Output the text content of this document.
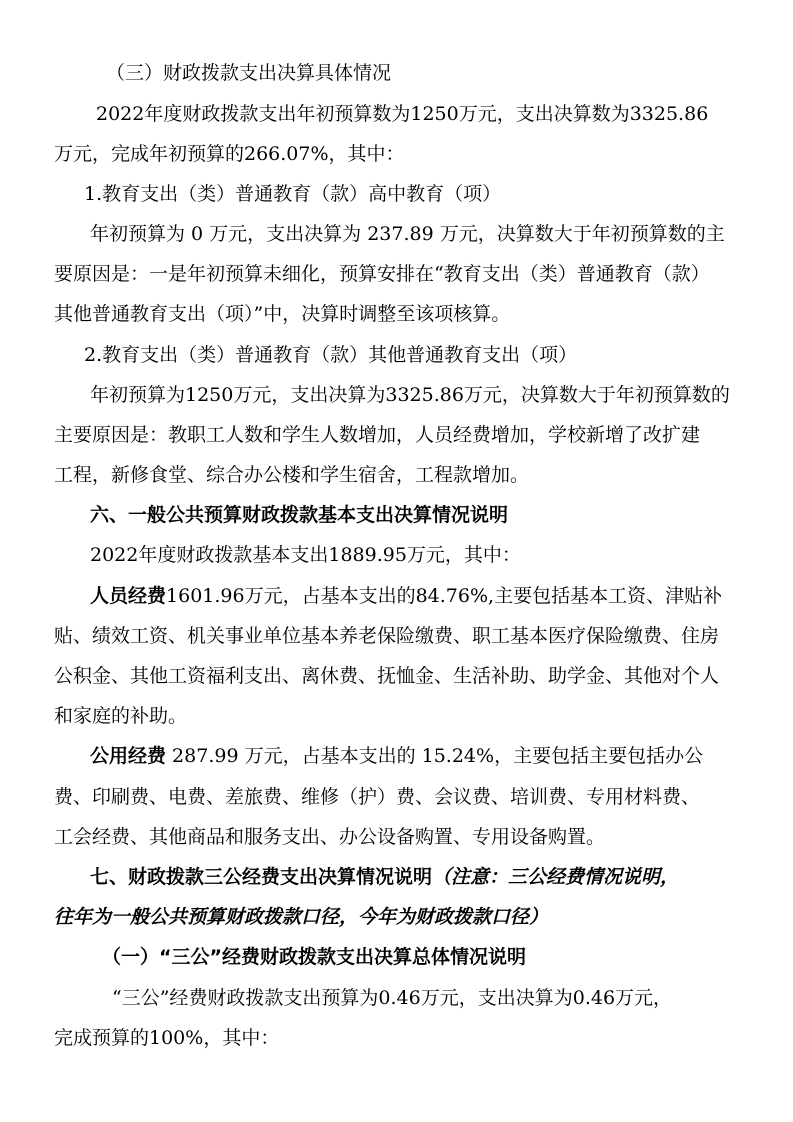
（三）财政拨款支出决算具体情况
2022年度财政拨款支出年初预算数为1250万元，支出决算数为3325.86
万元，完成年初预算的266.07%，其中：
1.教育支出（类）普通教育（款）高中教育（项）
年初预算为 0 万元，支出决算为 237.89 万元，决算数大于年初预算数的主
要原因是：一是年初预算未细化，预算安排在“教育支出（类）普通教育（款）
其他普通教育支出（项）”中，决算时调整至该项核算。
2.教育支出（类）普通教育（款）其他普通教育支出（项）
年初预算为1250万元，支出决算为3325.86万元，决算数大于年初预算数的
主要原因是：教职工人数和学生人数增加，人员经费增加，学校新增了改扩建
工程，新修食堂、综合办公楼和学生宿舍，工程款增加。
六、一般公共预算财政拨款基本支出决算情况说明
2022年度财政拨款基本支出1889.95万元，其中：
人员经费1601.96万元，占基本支出的84.76%,主要包括基本工资、津贴补
贴、绩效工资、机关事业单位基本养老保险缴费、职工基本医疗保险缴费、住房
公积金、其他工资福利支出、离休费、抚恤金、生活补助、助学金、其他对个人
和家庭的补助。
公用经费 287.99 万元，占基本支出的 15.24%，主要包括主要包括办公
费、印刷费、电费、差旅费、维修（护）费、会议费、培训费、专用材料费、
工会经费、其他商品和服务支出、办公设备购置、专用设备购置。
七、财政拨款三公经费支出决算情况说明（注意：三公经费情况说明，
往年为一般公共预算财政拨款口径，今年为财政拨款口径）
（一）“三公”经费财政拨款支出决算总体情况说明
“三公”经费财政拨款支出预算为0.46万元，支出决算为0.46万元，
完成预算的100%，其中：
